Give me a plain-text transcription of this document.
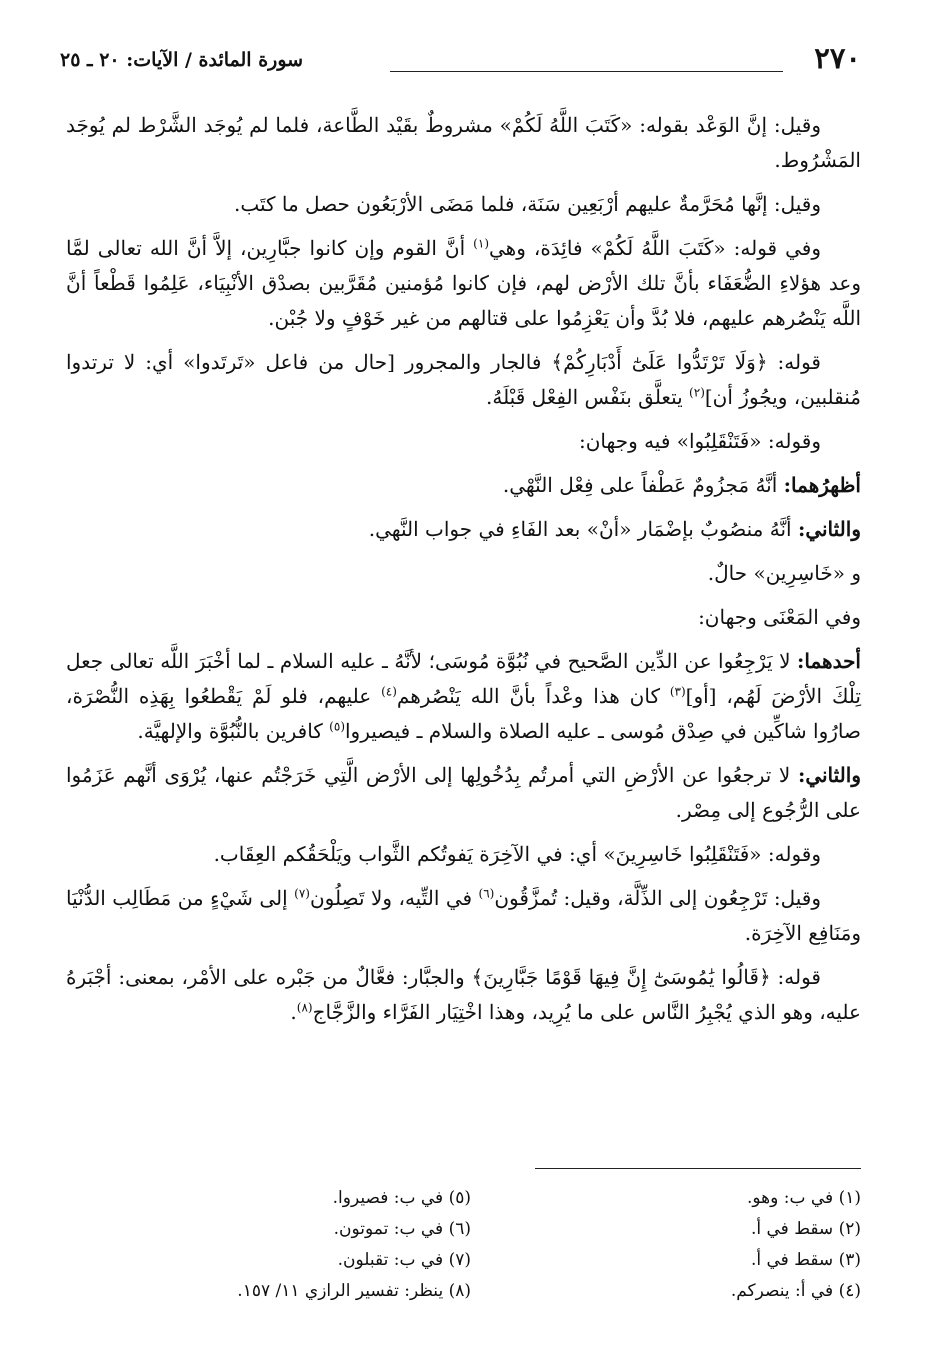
٢٧٠
سورة المائدة / الآيات: ٢٠ ـ ٢٥

وقيل: إنَّ الوَعْد بقوله: «كَتَبَ اللَّهُ لَكُمْ» مشروطٌ بقَيْد الطَّاعة، فلما لم يُوجَد الشَّرْط لم يُوجَد المَشْرُوط.

وقيل: إنَّها مُحَرَّمةٌ عليهم أرْبَعِين سَنَة، فلما مَضَى الأرْبَعُون حصل ما كتَب.

وفي قوله: «كَتَبَ اللَّهُ لَكُمْ» فائِدَة، وهي$^{(١)}$ أنَّ القوم وإن كانوا جبَّارِين، إلاَّ أنَّ الله تعالى لمَّا وعد هؤلاءِ الضُّعَفَاء بأنَّ تلك الأرْض لهم، فإن كانوا مُؤمنين مُقَرَّبين بصدْق الأنْبِيَاء، عَلِمُوا قَطْعاً أنَّ اللَّه يَنْصُرهم عليهم، فلا بُدَّ وأن يَعْزِمُوا على قتالهم من غير خَوْفٍ ولا جُبْن.

قوله: ﴿وَلَا تَرْتَدُّوا عَلَىٰٓ أَدْبَارِكُمْ﴾ فالجار والمجرور [حال من فاعل «تَرتَدوا» أي: لا ترتدوا مُنقلبين، ويجُوزُ أن]$^{(٢)}$ يتعلَّق بنَفْس الفِعْل قَبْلَهُ.

وقوله: «فَتَنْقَلِبُوا» فيه وجهان:

أظهرُهما: أنَّهُ مَجزُومٌ عَطْفاً على فِعْل النَّهْي.

والثاني: أنَّهُ منصُوبٌ بإضْمَار «أنْ» بعد الفَاءِ في جواب النَّهي.

و «خَاسِرِين» حالٌ.

وفي المَعْنَى وجهان:

أحدهما: لا يَرْجِعُوا عن الدِّين الصَّحيح في نُبُوَّة مُوسَى؛ لأنَّهُ ـ عليه السلام ـ لما أخْبَرَ اللَّه تعالى جعل تِلْكَ الأرْضَ لَهُم، [أو]$^{(٣)}$ كان هذا وعْداً بأنَّ الله يَنْصُرهم$^{(٤)}$ عليهم، فلو لَمْ يَقْطعُوا بِهَذِه النُّصْرَة، صارُوا شاكِّين في صِدْق مُوسى ـ عليه الصلاة والسلام ـ فيصيروا$^{(٥)}$ كافرين بالنُّبُوَّة والإلهيَّة.

والثاني: لا ترجعُوا عن الأرْضِ التي أمرتُم بِدُخُولِها إلى الأرْض الَّتِي خَرَجْتُم عنها، يُرْوَى أنَّهم عَزَمُوا على الرُّجُوع إلى مِصْر.

وقوله: «فَتَنْقَلِبُوا خَاسِرِينَ» أي: في الآخِرَة يَفوتُكم الثَّواب ويَلْحَقُكم العِقَاب.

وقيل: تَرْجِعُون إلى الذِّلَّة، وقيل: تُمزَّقُون$^{(٦)}$ في التِّيه، ولا تَصِلُون$^{(٧)}$ إلى شَيْءٍ من مَطَالِب الدُّنْيَا ومَنَافِع الآخِرَة.

قوله: ﴿قَالُوا يَٰمُوسَىٰٓ إِنَّ فِيهَا قَوْمًا جَبَّارِينَ﴾ والجبَّار: فعَّالٌ من جَبْره على الأمْر، بمعنى: أجْبَرهُ عليه، وهو الذي يُجْبِرُ النَّاس على ما يُرِيد، وهذا اخْتِيَار الفَرَّاء والزَّجَّاج$^{(٨)}$.

(١) في ب: وهو.
(٢) سقط في أ.
(٣) سقط في أ.
(٤) في أ: ينصركم.
(٥) في ب: فصيروا.
(٦) في ب: تموتون.
(٧) في ب: تقبلون.
(٨) ينظر: تفسير الرازي ١١/ ١٥٧.
